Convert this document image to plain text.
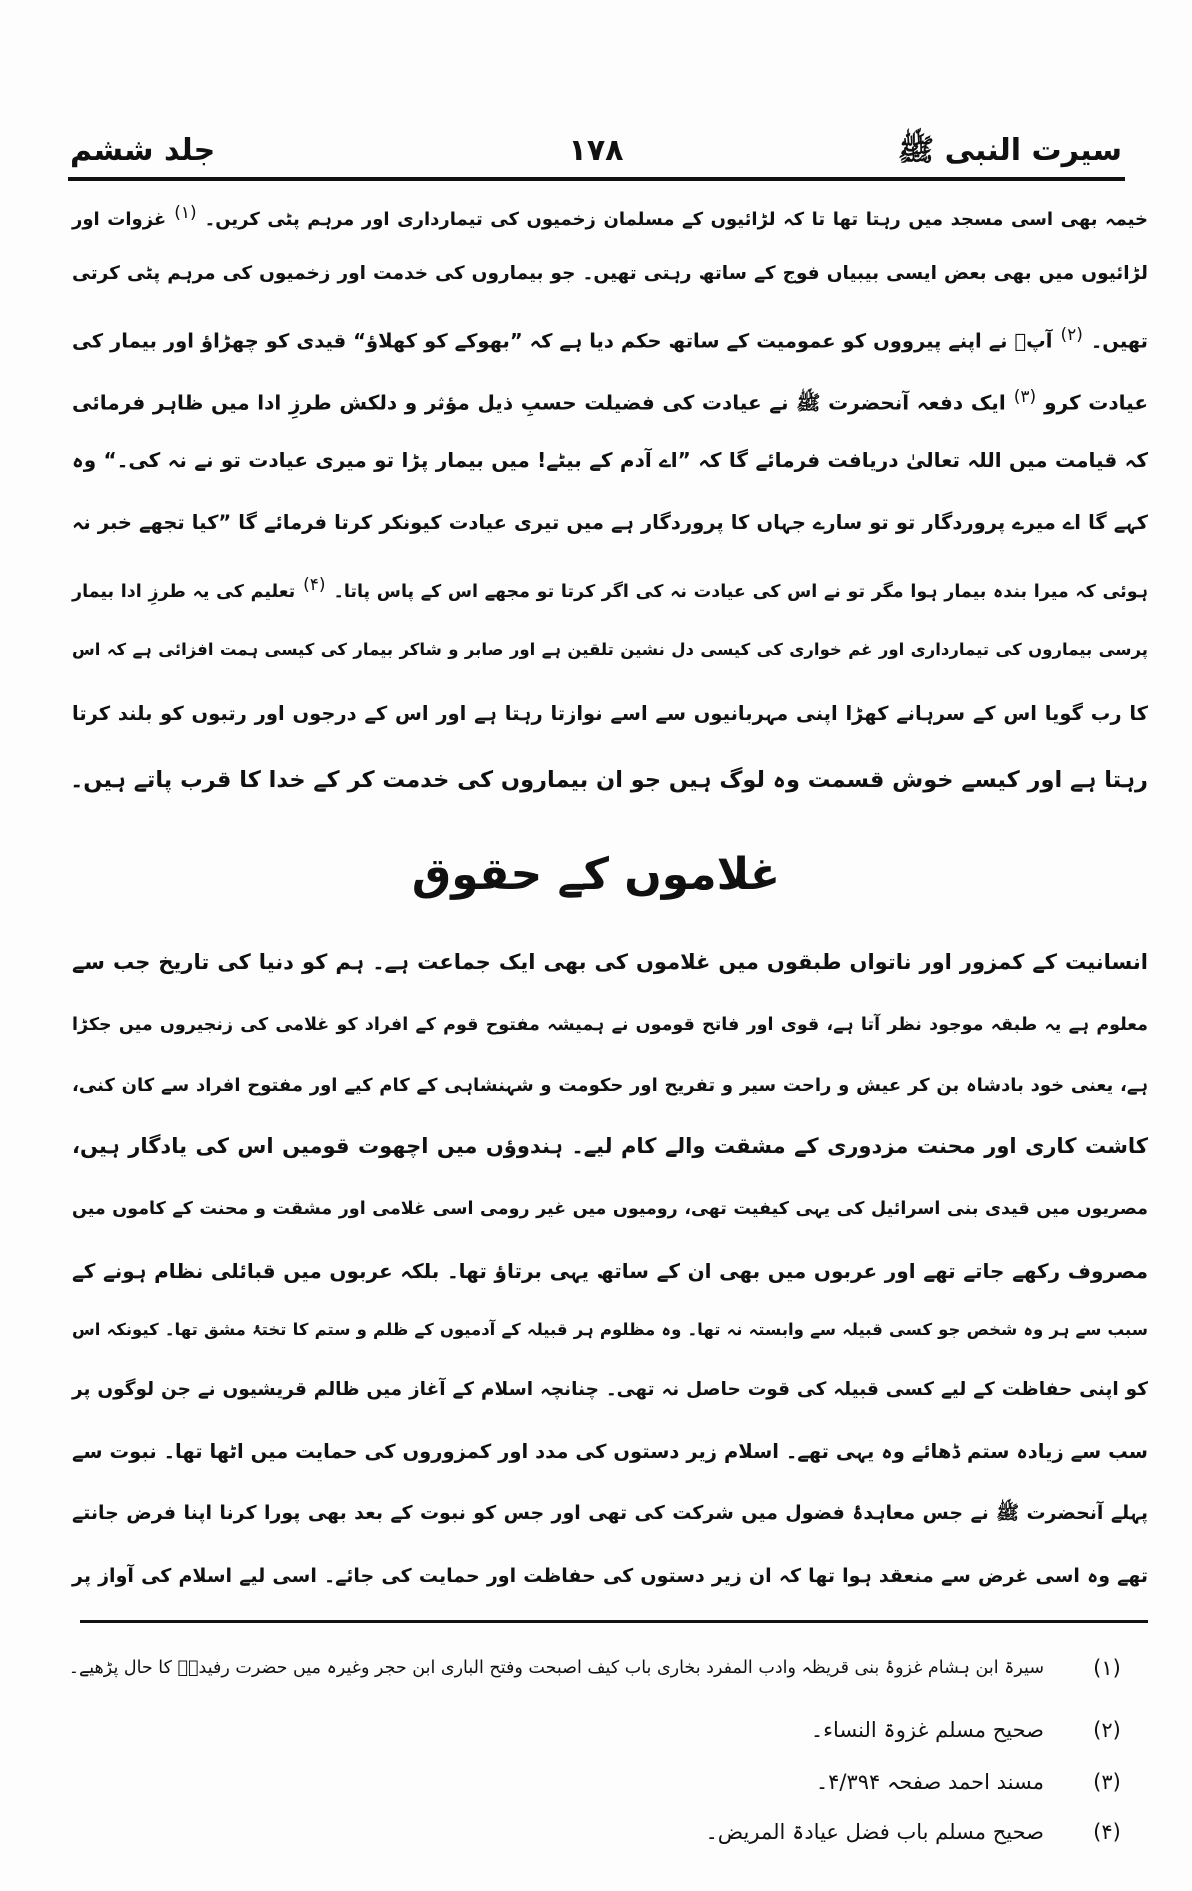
سیرت النبی ﷺ
۱۷۸
جلد ششم
خیمہ بھی اسی مسجد میں رہتا تھا تا کہ لڑائیوں کے مسلمان زخمیوں کی تیمارداری اور مرہم پٹی کریں۔(۱)غزوات اور
لڑائیوں میں بھی بعض ایسی بیبیاں فوج کے ساتھ رہتی تھیں۔ جو بیماروں کی خدمت اور زخمیوں کی مرہم پٹی کرتی
تھیں۔(۲)آپؐ نے اپنے پیرووں کو عمومیت کے ساتھ حکم دیا ہے کہ ”بھوکے کو کھلاؤ“ قیدی کو چھڑاؤ اور بیمار کی
عیادت کرو$^{(۳)}$ایک دفعہ آنحضرت ﷺ نے عیادت کی فضیلت حسبِ ذیل مؤثر و دلکش طرزِ ادا میں ظاہر فرمائی
کہ قیامت میں اللہ تعالیٰ دریافت فرمائے گا کہ ”اے آدم کے بیٹے! میں بیمار پڑا تو میری عیادت تو نے نہ کی۔“ وہ
کہے گا اے میرے پروردگار تو تو سارے جہاں کا پروردگار ہے میں تیری عیادت کیونکر کرتا فرمائے گا ”کیا تجھے خبر نہ
ہوئی کہ میرا بندہ بیمار ہوا مگر تو نے اس کی عیادت نہ کی اگر کرتا تو مجھے اس کے پاس پاتا۔(۴)تعلیم کی یہ طرزِ ادا بیمار
پرسی بیماروں کی تیمارداری اور غم خواری کی کیسی دل نشین تلقین ہے اور صابر و شاکر بیمار کی کیسی ہمت افزائی ہے کہ اس
کا رب گویا اس کے سرہانے کھڑا اپنی مہربانیوں سے اسے نوازتا رہتا ہے اور اس کے درجوں اور رتبوں کو بلند کرتا
رہتا ہے اور کیسے خوش قسمت وہ لوگ ہیں جو ان بیماروں کی خدمت کر کے خدا کا قرب پاتے ہیں۔
غلاموں کے حقوق
انسانیت کے کمزور اور ناتواں طبقوں میں غلاموں کی بھی ایک جماعت ہے۔ ہم کو دنیا کی تاریخ جب سے
معلوم ہے یہ طبقہ موجود نظر آتا ہے، قوی اور فاتح قوموں نے ہمیشہ مفتوح قوم کے افراد کو غلامی کی زنجیروں میں جکڑا
ہے، یعنی خود بادشاہ بن کر عیش و راحت سیر و تفریح اور حکومت و شہنشاہی کے کام کیے اور مفتوح افراد سے کان کنی،
کاشت کاری اور محنت مزدوری کے مشقت والے کام لیے۔ ہندوؤں میں اچھوت قومیں اس کی یادگار ہیں،
مصریوں میں قیدی بنی اسرائیل کی یہی کیفیت تھی، رومیوں میں غیر رومی اسی غلامی اور مشقت و محنت کے کاموں میں
مصروف رکھے جاتے تھے اور عربوں میں بھی ان کے ساتھ یہی برتاؤ تھا۔ بلکہ عربوں میں قبائلی نظام ہونے کے
سبب سے ہر وہ شخص جو کسی قبیلہ سے وابستہ نہ تھا۔ وہ مظلوم ہر قبیلہ کے آدمیوں کے ظلم و ستم کا تختۂ مشق تھا۔ کیونکہ اس
کو اپنی حفاظت کے لیے کسی قبیلہ کی قوت حاصل نہ تھی۔ چنانچہ اسلام کے آغاز میں ظالم قریشیوں نے جن لوگوں پر
سب سے زیادہ ستم ڈھائے وہ یہی تھے۔ اسلام زیر دستوں کی مدد اور کمزوروں کی حمایت میں اٹھا تھا۔ نبوت سے
پہلے آنحضرت ﷺ نے جس معاہدۂ فضول میں شرکت کی تھی اور جس کو نبوت کے بعد بھی پورا کرنا اپنا فرض جانتے
تھے وہ اسی غرض سے منعقد ہوا تھا کہ ان زیر دستوں کی حفاظت اور حمایت کی جائے۔ اسی لیے اسلام کی آواز پر
(۱)
سیرۃ ابن ہشام غزوۂ بنی قریظہ وادب المفرد بخاری باب کیف اصبحت وفتح الباری ابن حجر وغیرہ میں حضرت رفیدہؓ کا حال پڑھیے۔
(۲)
صحیح مسلم غزوۃ النساء۔
(۳)
مسند احمد صفحہ ۴/۳۹۴۔
(۴)
صحیح مسلم باب فضل عیادۃ المریض۔
